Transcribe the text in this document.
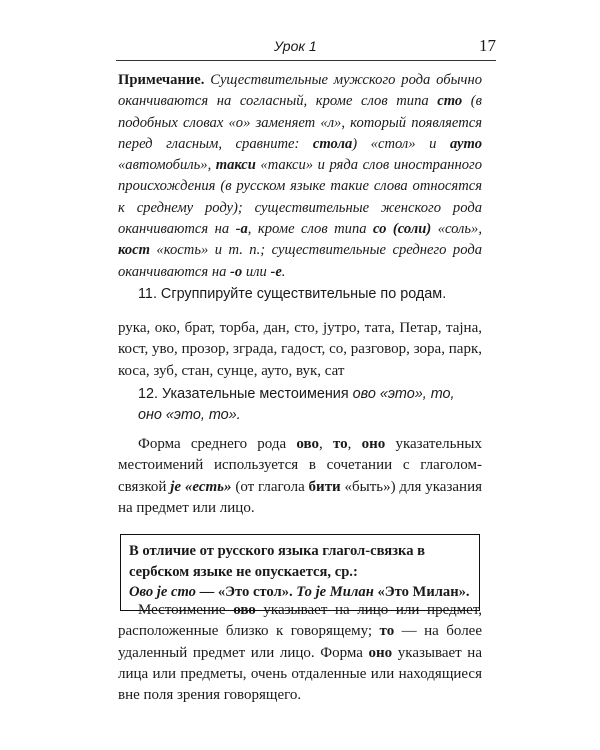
Урок 1	17
Примечание. Существительные мужского рода обычно оканчиваются на согласный, кроме слов типа сто (в подобных словах «о» заменяет «л», который появляется перед гласным, сравните: стола) «стол» и ауто «автомобиль», такси «такси» и ряда слов иностранного происхождения (в русском языке такие слова относятся к среднему роду); существительные женского рода оканчиваются на -а, кроме слов типа со (соли) «соль», кост «кость» и т. п.; существительные среднего рода оканчиваются на -о или -е.
11. Сгруппируйте существительные по родам.
рука, око, брат, торба, дан, сто, јутро, тата, Петар, тајна, кост, уво, прозор, зграда, гадост, со, разговор, зора, парк, коса, зуб, стан, сунце, ауто, вук, сат
12. Указательные местоимения ово «это», то, оно «это, то».
Форма среднего рода ово, то, оно указательных местоимений используется в сочетании с глаголом-связкой је «есть» (от глагола бити «быть») для указания на предмет или лицо.
В отличие от русского языка глагол-связка в сербском языке не опускается, ср.:
Ово је сто — «Это стол». То је Милан «Это Милан».
Местоимение ово указывает на лицо или предмет, расположенные близко к говорящему; то — на более удаленный предмет или лицо. Форма оно указывает на лица или предметы, очень отдаленные или находящиеся вне поля зрения говорящего.
